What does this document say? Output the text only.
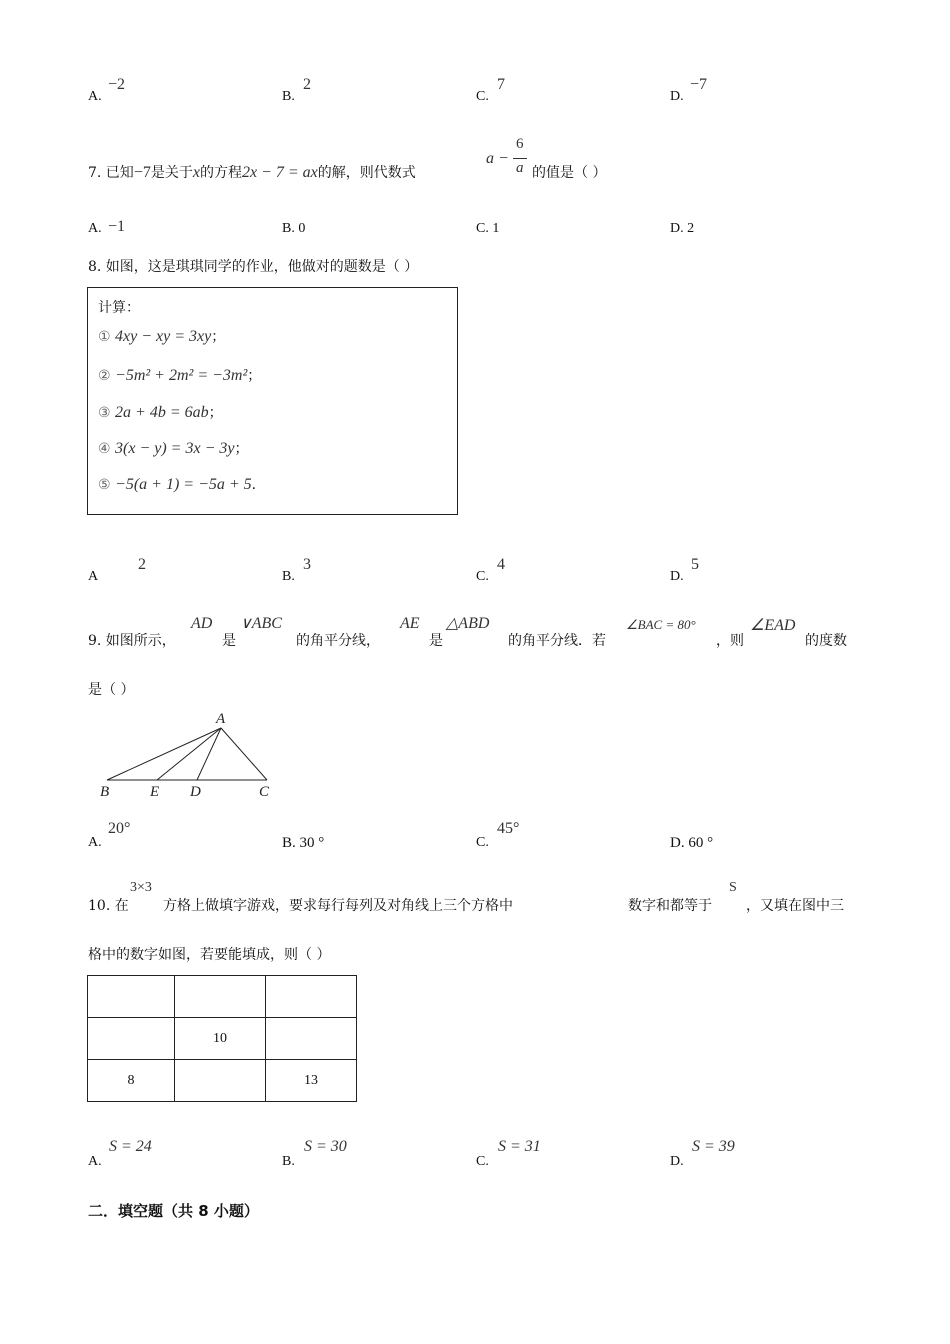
A.
−2
B.
2
C.
7
D.
−7
7. 已知−7是关于x的方程2x − 7 = ax的解，则代数式
a −
6
a 的值是（ ）
A. −1	B. 0	C. 1	D. 2
8. 如图，这是琪琪同学的作业，他做对的题数是（ ）
计算：
① 4xy − xy = 3xy；
② −5m² + 2m² = −3m²；
③ 2a + 4b = 6ab；
④ 3(x − y) = 3x − 3y；
⑤ −5(a + 1) = −5a + 5.
A
2
B.
3
C.
4
D.
5
9. 如图所示，
AD
是
∨ABC
的角平分线，
AE
是
△ABD
的角平分线．若
∠BAC = 80°
，则
∠EAD
的度数
是（ ）
A
B	E D	C
A.
20°
B. 30 °	C.
45°
D. 60 °
10. 在
3×3
方格上做填字游戏，要求每行每列及对角线上三个方格中	数字和都等于
S
，又填在图中三
格中的数字如图，若要能填成，则（ ）

	10	
8		13
A.
S = 24
B.
S = 30
C.
S = 31
D.
S = 39
二．填空题（共 8 小题）
